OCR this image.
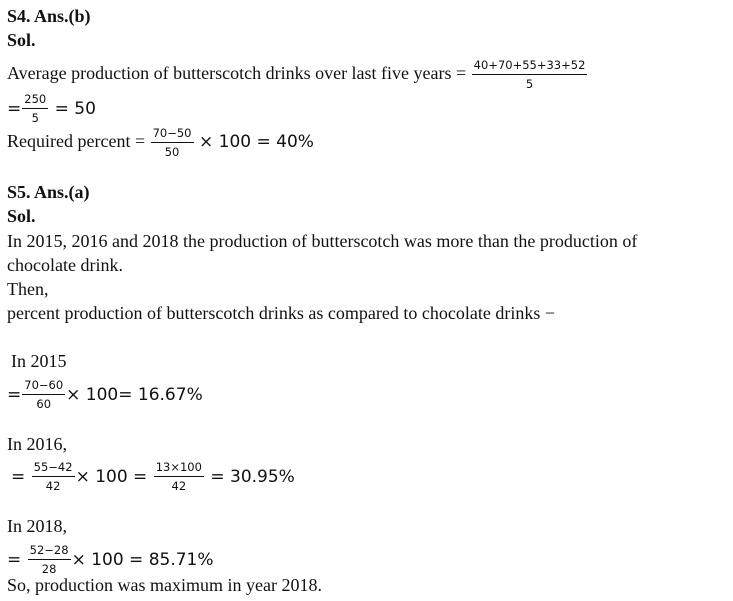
S4. Ans.(b)
Sol.
Average production of butterscotch drinks over last five years = $\frac{40+70+55+33+52}{5}$
= $\frac{250}{5} = 50$
Required percent = $\frac{70-50}{50} \times 100 = 40\%$
S5. Ans.(a)
Sol.
In 2015, 2016 and 2018 the production of butterscotch was more than the production of
chocolate drink.
Then,
percent production of butterscotch drinks as compared to chocolate drinks −
In 2015
= $\frac{70-60}{60} \times 100= 16.67\%$
In 2016,
= $\frac{55-42}{42} \times 100 = \frac{13\times 100}{42} = 30.95\%$
In 2018,
= $\frac{52-28}{28} \times 100 = 85.71\%$
So, production was maximum in year 2018.
